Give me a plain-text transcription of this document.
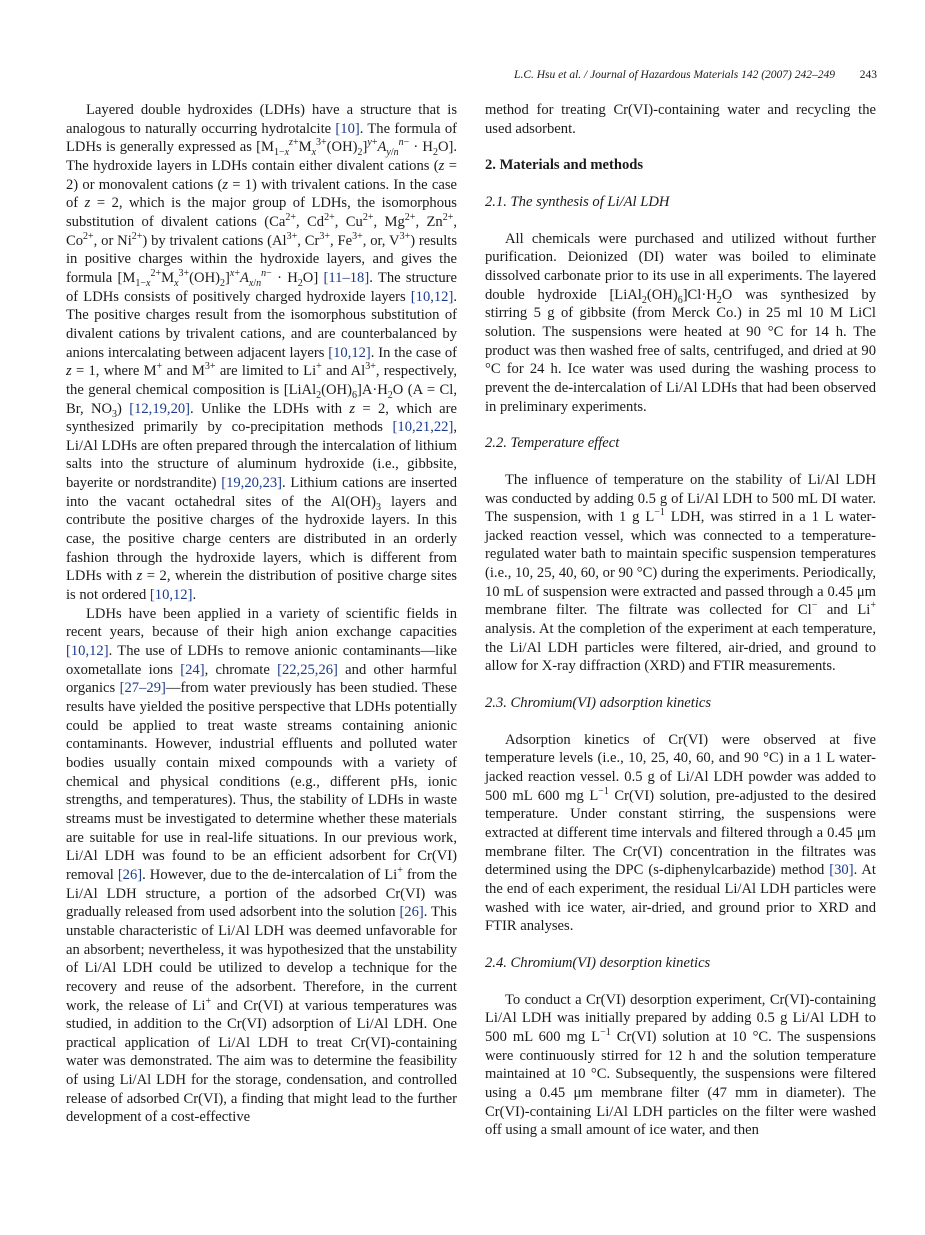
L.C. Hsu et al. / Journal of Hazardous Materials 142 (2007) 242–249 243

Layered double hydroxides (LDHs) have a structure that is analogous to naturally occurring hydrotalcite [10]. The formula of LDHs is generally expressed as $[M_{1-x}^{z+}M_x^{3+}(OH)_2]^{y+}A_{y/n}^{n-} \cdot H_2O$]. The hydroxide layers in LDHs contain either divalent cations (z = 2) or monovalent cations (z = 1) with trivalent cations. In the case of z = 2, which is the major group of LDHs, the isomorphous substitution of divalent cations ($Ca^{2+}$, $Cd^{2+}$, $Cu^{2+}$, $Mg^{2+}$, $Zn^{2+}$, $Co^{2+}$, or $Ni^{2+}$) by trivalent cations ($Al^{3+}$, $Cr^{3+}$, $Fe^{3+}$, or, $V^{3+}$) results in positive charges within the hydroxide layers, and gives the formula $[M_{1-x}^{2+}M_x^{3+}(OH)_2]^{x+}A_{x/n}^{n-} \cdot H_2O$] [11–18]. The structure of LDHs consists of positively charged hydroxide layers [10,12]. The positive charges result from the isomorphous substitution of divalent cations by trivalent cations, and are counterbalanced by anions intercalating between adjacent layers [10,12]. In the case of z = 1, where M+ and $M^{3+}$ are limited to Li+ and $Al^{3+}$, respectively, the general chemical composition is $[LiAl_2(OH)_6]A\cdot H_2O$ (A = Cl, Br, $NO_3$) [12,19,20]. Unlike the LDHs with z = 2, which are synthesized primarily by co-precipitation methods [10,21,22], Li/Al LDHs are often prepared through the intercalation of lithium salts into the structure of aluminum hydroxide (i.e., gibbsite, bayerite or nordstrandite) [19,20,23]. Lithium cations are inserted into the vacant octahedral sites of the $Al(OH)_3$ layers and contribute the positive charges of the hydroxide layers. In this case, the positive charge centers are distributed in an orderly fashion through the hydroxide layers, which is different from LDHs with z = 2, wherein the distribution of positive charge sites is not ordered [10,12].

LDHs have been applied in a variety of scientific fields in recent years, because of their high anion exchange capacities [10,12]. The use of LDHs to remove anionic contaminants—like oxometallate ions [24], chromate [22,25,26] and other harmful organics [27–29]—from water previously has been studied. These results have yielded the positive perspective that LDHs potentially could be applied to treat waste streams containing anionic contaminants. However, industrial effluents and polluted water bodies usually contain mixed compounds with a variety of chemical and physical conditions (e.g., different pHs, ionic strengths, and temperatures). Thus, the stability of LDHs in waste streams must be investigated to determine whether these materials are suitable for use in real-life situations. In our previous work, Li/Al LDH was found to be an efficient adsorbent for Cr(VI) removal [26]. However, due to the de-intercalation of Li+ from the Li/Al LDH structure, a portion of the adsorbed Cr(VI) was gradually released from used adsorbent into the solution [26]. This unstable characteristic of Li/Al LDH was deemed unfavorable for an absorbent; nevertheless, it was hypothesized that the unstability of Li/Al LDH could be utilized to develop a technique for the recovery and reuse of the adsorbent. Therefore, in the current work, the release of Li+ and Cr(VI) at various temperatures was studied, in addition to the Cr(VI) adsorption of Li/Al LDH. One practical application of Li/Al LDH to treat Cr(VI)-containing water was demonstrated. The aim was to determine the feasibility of using Li/Al LDH for the storage, condensation, and controlled release of adsorbed Cr(VI), a finding that might lead to the further development of a cost-effective

method for treating Cr(VI)-containing water and recycling the used adsorbent.

2. Materials and methods
2.1. The synthesis of Li/Al LDH

All chemicals were purchased and utilized without further purification. Deionized (DI) water was boiled to eliminate dissolved carbonate prior to its use in all experiments. The layered double hydroxide $[LiAl_2(OH)_6]Cl\cdot H_2O$ was synthesized by stirring 5 g of gibbsite (from Merck Co.) in 25 ml 10 M LiCl solution. The suspensions were heated at 90 °C for 14 h. The product was then washed free of salts, centrifuged, and dried at 90 °C for 24 h. Ice water was used during the washing process to prevent the de-intercalation of Li/Al LDHs that had been observed in preliminary experiments.

2.2. Temperature effect

The influence of temperature on the stability of Li/Al LDH was conducted by adding 0.5 g of Li/Al LDH to 500 mL DI water. The suspension, with 1 g $L^{-1}$ LDH, was stirred in a 1 L water-jacked reaction vessel, which was connected to a temperature-regulated water bath to maintain specific suspension temperatures (i.e., 10, 25, 40, 60, or 90 °C) during the experiments. Periodically, 10 mL of suspension were extracted and passed through a 0.45 μm membrane filter. The filtrate was collected for Cl− and Li+ analysis. At the completion of the experiment at each temperature, the Li/Al LDH particles were filtered, air-dried, and ground to allow for X-ray diffraction (XRD) and FTIR measurements.

2.3. Chromium(VI) adsorption kinetics

Adsorption kinetics of Cr(VI) were observed at five temperature levels (i.e., 10, 25, 40, 60, and 90 °C) in a 1 L water-jacked reaction vessel. 0.5 g of Li/Al LDH powder was added to 500 mL 600 mg $L^{-1}$ Cr(VI) solution, pre-adjusted to the desired temperature. Under constant stirring, the suspensions were extracted at different time intervals and filtered through a 0.45 μm membrane filter. The Cr(VI) concentration in the filtrates was determined using the DPC (s-diphenylcarbazide) method [30]. At the end of each experiment, the residual Li/Al LDH particles were washed with ice water, air-dried, and ground prior to XRD and FTIR analyses.

2.4. Chromium(VI) desorption kinetics

To conduct a Cr(VI) desorption experiment, Cr(VI)-containing Li/Al LDH was initially prepared by adding 0.5 g Li/Al LDH to 500 mL 600 mg $L^{-1}$ Cr(VI) solution at 10 °C. The suspensions were continuously stirred for 12 h and the solution temperature maintained at 10 °C. Subsequently, the suspensions were filtered using a 0.45 μm membrane filter (47 mm in diameter). The Cr(VI)-containing Li/Al LDH particles on the filter were washed off using a small amount of ice water, and then
